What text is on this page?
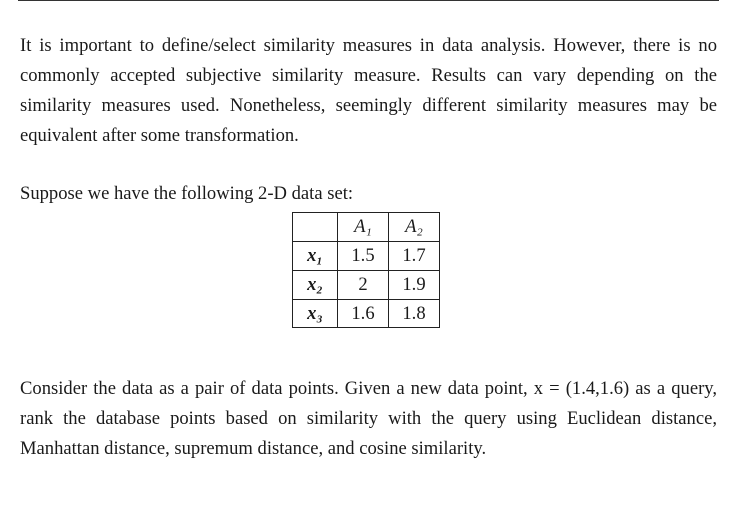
It is important to define/select similarity measures in data analysis. However, there is no commonly accepted subjective similarity measure. Results can vary depending on the similarity measures used. Nonetheless, seemingly different similarity measures may be equivalent after some transformation.

Suppose we have the following 2-D data set:

	A₁	A₂
x₁	1.5	1.7
x₂	2	1.9
x₃	1.6	1.8

Consider the data as a pair of data points. Given a new data point, x = (1.4,1.6) as a query, rank the database points based on similarity with the query using Euclidean distance, Manhattan distance, supremum distance, and cosine similarity.
